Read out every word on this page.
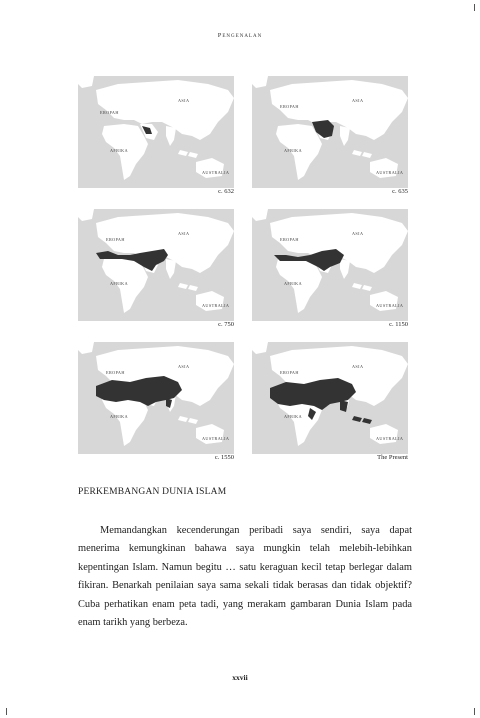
Pengenalan
ASIA
EROPAH
AFRIKA
AUSTRALIA
c. 632
ASIA
EROPAH
AFRIKA
AUSTRALIA
c. 635
ASIA
EROPAH
AFRIKA
AUSTRALIA
c. 750
ASIA
EROPAH
AFRIKA
AUSTRALIA
c. 1150
ASIA
EROPAH
AFRIKA
AUSTRALIA
c. 1550
ASIA
EROPAH
AFRIKA
AUSTRALIA
The Present
PERKEMBANGAN DUNIA ISLAM
Memandangkan kecenderungan peribadi saya sendiri, saya dapat menerima kemungkinan bahawa saya mungkin telah melebih-lebihkan kepentingan Islam. Namun begitu … satu keraguan kecil tetap berlegar dalam fikiran. Benarkah penilaian saya sama sekali tidak berasas dan tidak objektif? Cuba perhatikan enam peta tadi, yang merakam gambaran Dunia Islam pada enam tarikh yang berbeza.
xxvii
